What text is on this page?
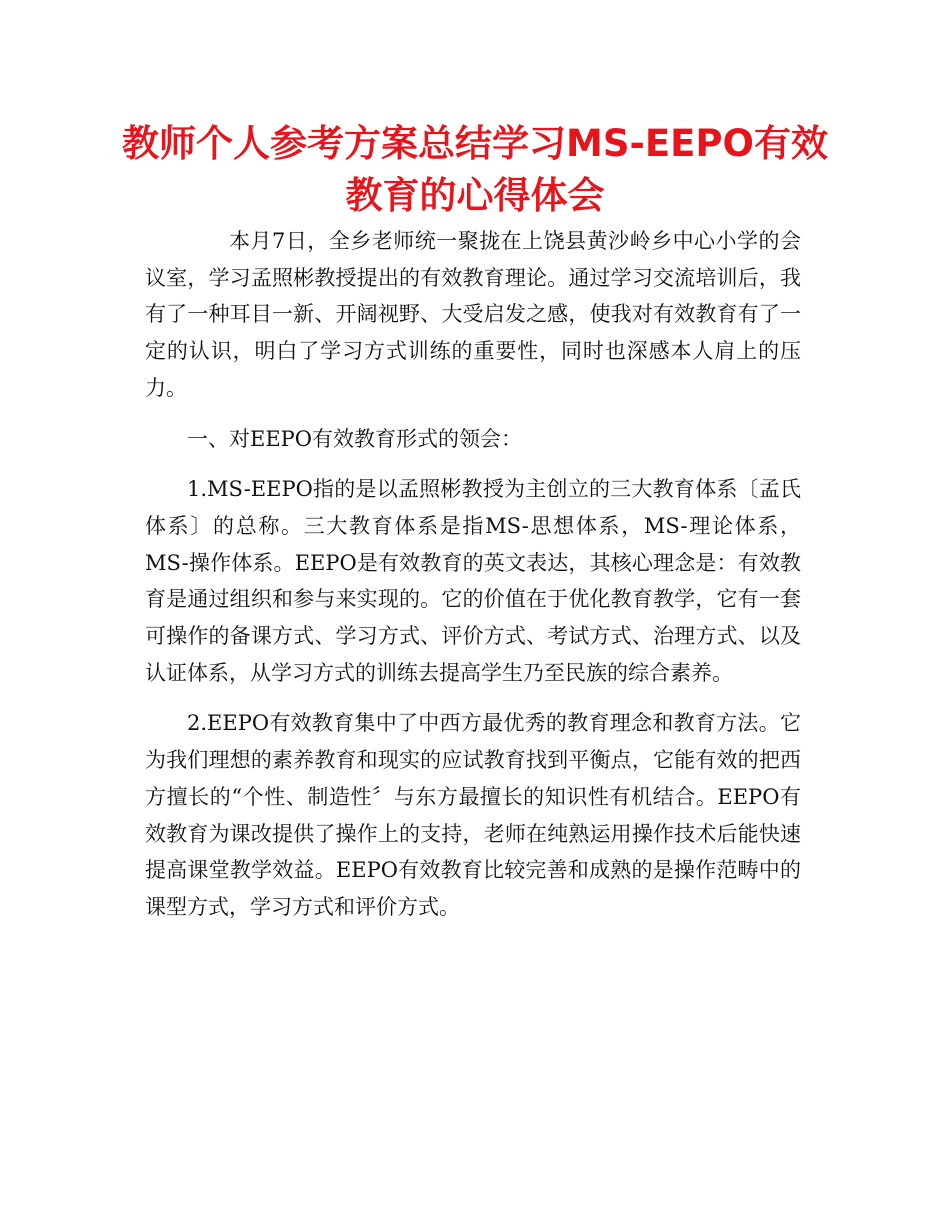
教师个人参考方案总结学习MS-EEPO有效教育的心得体会

本月7日，全乡老师统一聚拢在上饶县黄沙岭乡中心小学的会议室，学习孟照彬教授提出的有效教育理论。通过学习交流培训后，我有了一种耳目一新、开阔视野、大受启发之感，使我对有效教育有了一定的认识，明白了学习方式训练的重要性，同时也深感本人肩上的压力。

一、对EEPO有效教育形式的领会：

1.MS-EEPO指的是以孟照彬教授为主创立的三大教育体系〔孟氏体系〕的总称。三大教育体系是指MS-思想体系，MS-理论体系，MS-操作体系。EEPO是有效教育的英文表达，其核心理念是：有效教育是通过组织和参与来实现的。它的价值在于优化教育教学，它有一套可操作的备课方式、学习方式、评价方式、考试方式、治理方式、以及认证体系，从学习方式的训练去提高学生乃至民族的综合素养。

2.EEPO有效教育集中了中西方最优秀的教育理念和教育方法。它为我们理想的素养教育和现实的应试教育找到平衡点，它能有效的把西方擅长的“个性、制造性〞与东方最擅长的知识性有机结合。EEPO有效教育为课改提供了操作上的支持，老师在纯熟运用操作技术后能快速提高课堂教学效益。EEPO有效教育比较完善和成熟的是操作范畴中的课型方式，学习方式和评价方式。
